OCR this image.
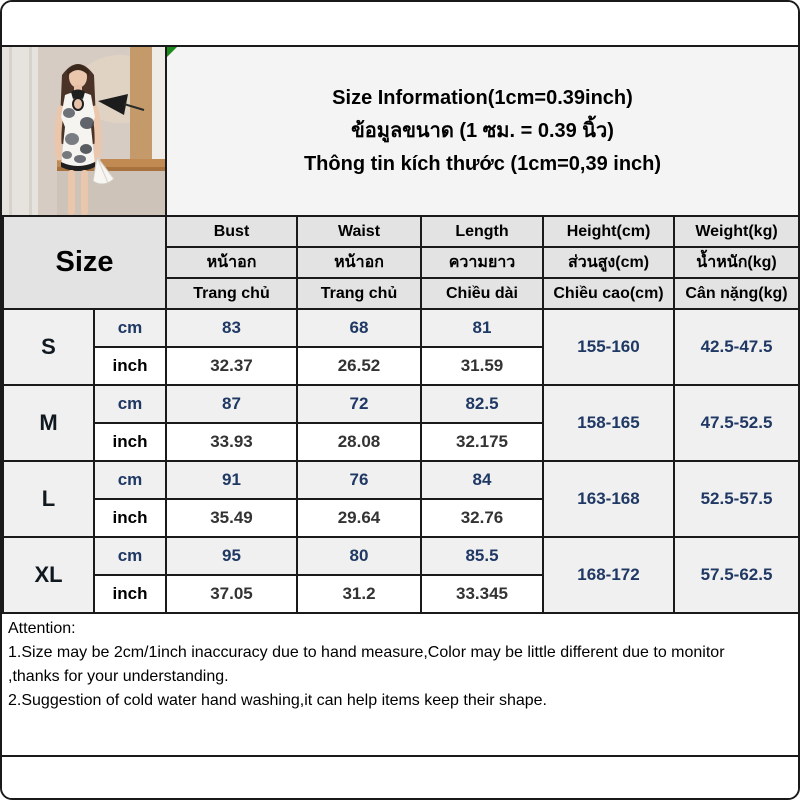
Size Information(1cm=0.39inch)
ข้อมูลขนาด (1 ซม. = 0.39 นิ้ว)
Thông tin kích thước (1cm=0,39 inch)
Size		Bust	Waist	Length	Height(cm)	Weight(kg)
		หน้าอก	หน้าอก	ความยาว	ส่วนสูง(cm)	น้ำหนัก(kg)
		Trang chủ	Trang chủ	Chiều dài	Chiều cao(cm)	Cân nặng(kg)
S	cm	83	68	81	155-160	42.5-47.5
	inch	32.37	26.52	31.59		
M	cm	87	72	82.5	158-165	47.5-52.5
	inch	33.93	28.08	32.175		
L	cm	91	76	84	163-168	52.5-57.5
	inch	35.49	29.64	32.76		
XL	cm	95	80	85.5	168-172	57.5-62.5
	inch	37.05	31.2	33.345		
Attention:
1.Size may be 2cm/1inch inaccuracy due to hand measure,Color may be little different due to monitor
,thanks for your understanding.
2.Suggestion of cold water hand washing,it can help items keep their shape.
